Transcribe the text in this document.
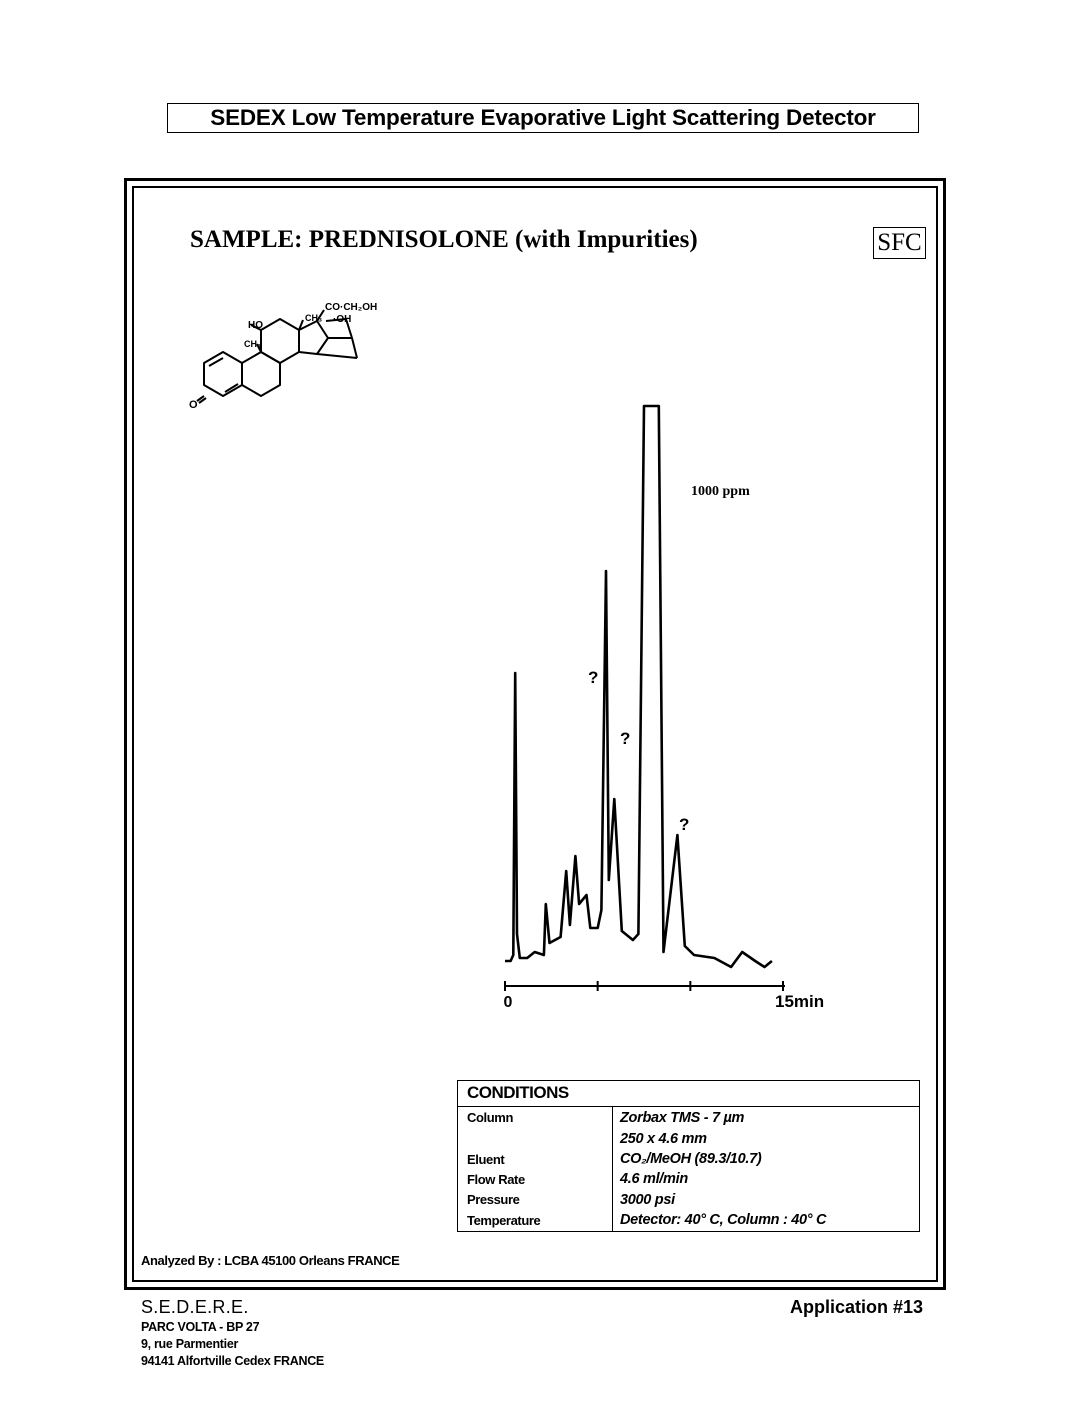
SEDEX Low Temperature Evaporative Light Scattering Detector
SAMPLE: PREDNISOLONE (with Impurities)	SFC
CO·CH₂OH
·OH
HO
CH₃
CH₃
O
0	15min
1000 ppm
?
?
?
CONDITIONS
Column	Zorbax TMS - 7 µm
250 x 4.6 mm
Eluent	CO₂/MeOH (89.3/10.7)
Flow Rate	4.6 ml/min
Pressure	3000 psi
Temperature	Detector: 40° C, Column : 40° C
Analyzed By : LCBA 45100 Orleans FRANCE
S.E.D.E.R.E.
PARC VOLTA - BP 27
9, rue Parmentier
94141 Alfortville Cedex FRANCE
Application #13
